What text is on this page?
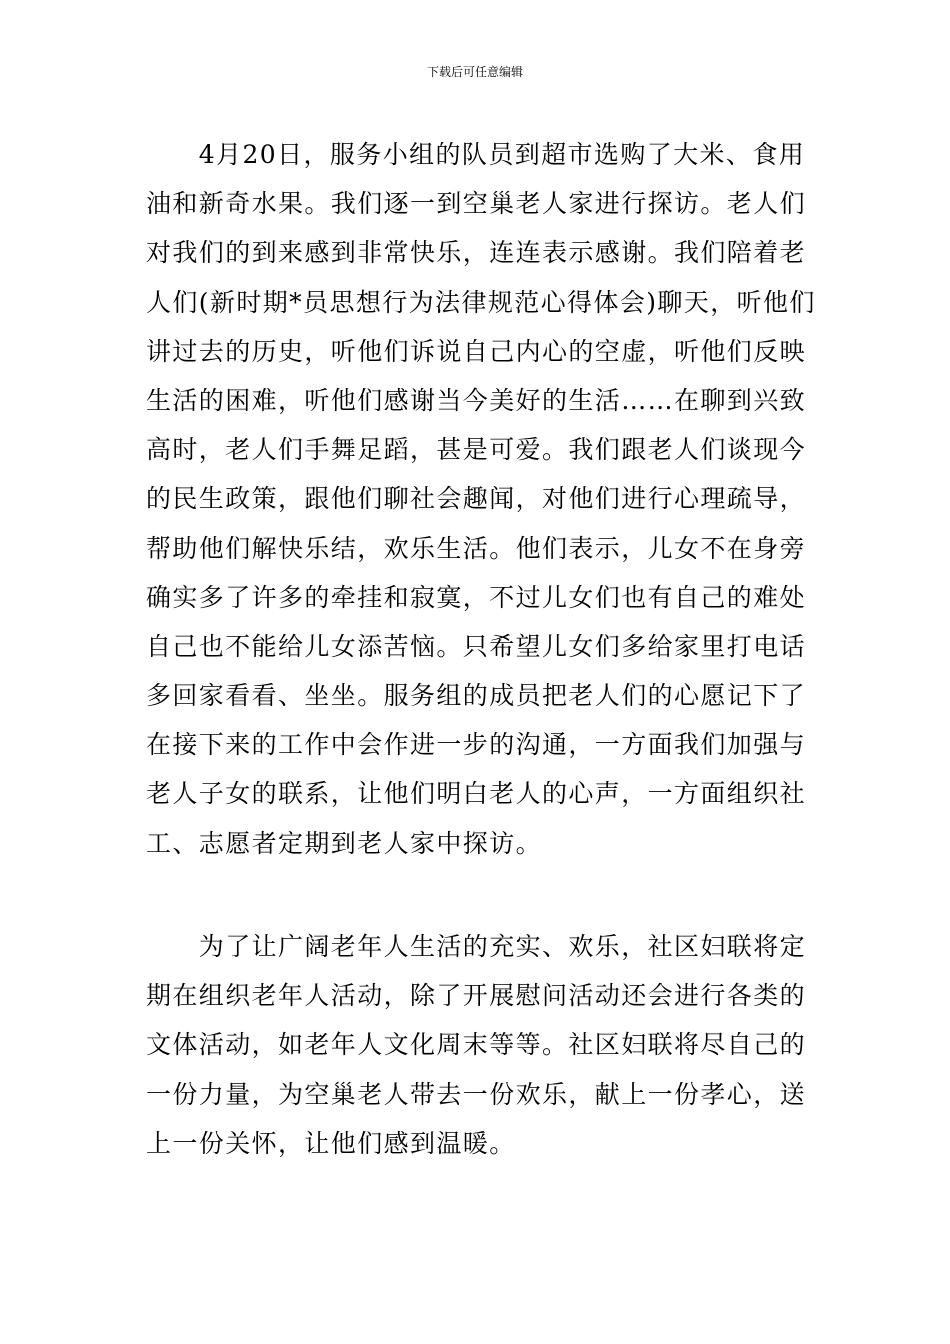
下载后可任意编辑
　　4月20日，服务小组的队员到超市选购了大米、食用
油和新奇水果。我们逐一到空巢老人家进行探访。老人们
对我们的到来感到非常快乐，连连表示感谢。我们陪着老
人们(新时期*员思想行为法律规范心得体会)聊天，听他们
讲过去的历史，听他们诉说自己内心的空虚，听他们反映
生活的困难，听他们感谢当今美好的生活……在聊到兴致
高时，老人们手舞足蹈，甚是可爱。我们跟老人们谈现今
的民生政策，跟他们聊社会趣闻，对他们进行心理疏导，
帮助他们解快乐结，欢乐生活。他们表示，儿女不在身旁
确实多了许多的牵挂和寂寞，不过儿女们也有自己的难处
自己也不能给儿女添苦恼。只希望儿女们多给家里打电话
多回家看看、坐坐。服务组的成员把老人们的心愿记下了
在接下来的工作中会作进一步的沟通，一方面我们加强与
老人子女的联系，让他们明白老人的心声，一方面组织社
工、志愿者定期到老人家中探访。
　　为了让广阔老年人生活的充实、欢乐，社区妇联将定
期在组织老年人活动，除了开展慰问活动还会进行各类的
文体活动，如老年人文化周末等等。社区妇联将尽自己的
一份力量，为空巢老人带去一份欢乐，献上一份孝心，送
上一份关怀，让他们感到温暖。
